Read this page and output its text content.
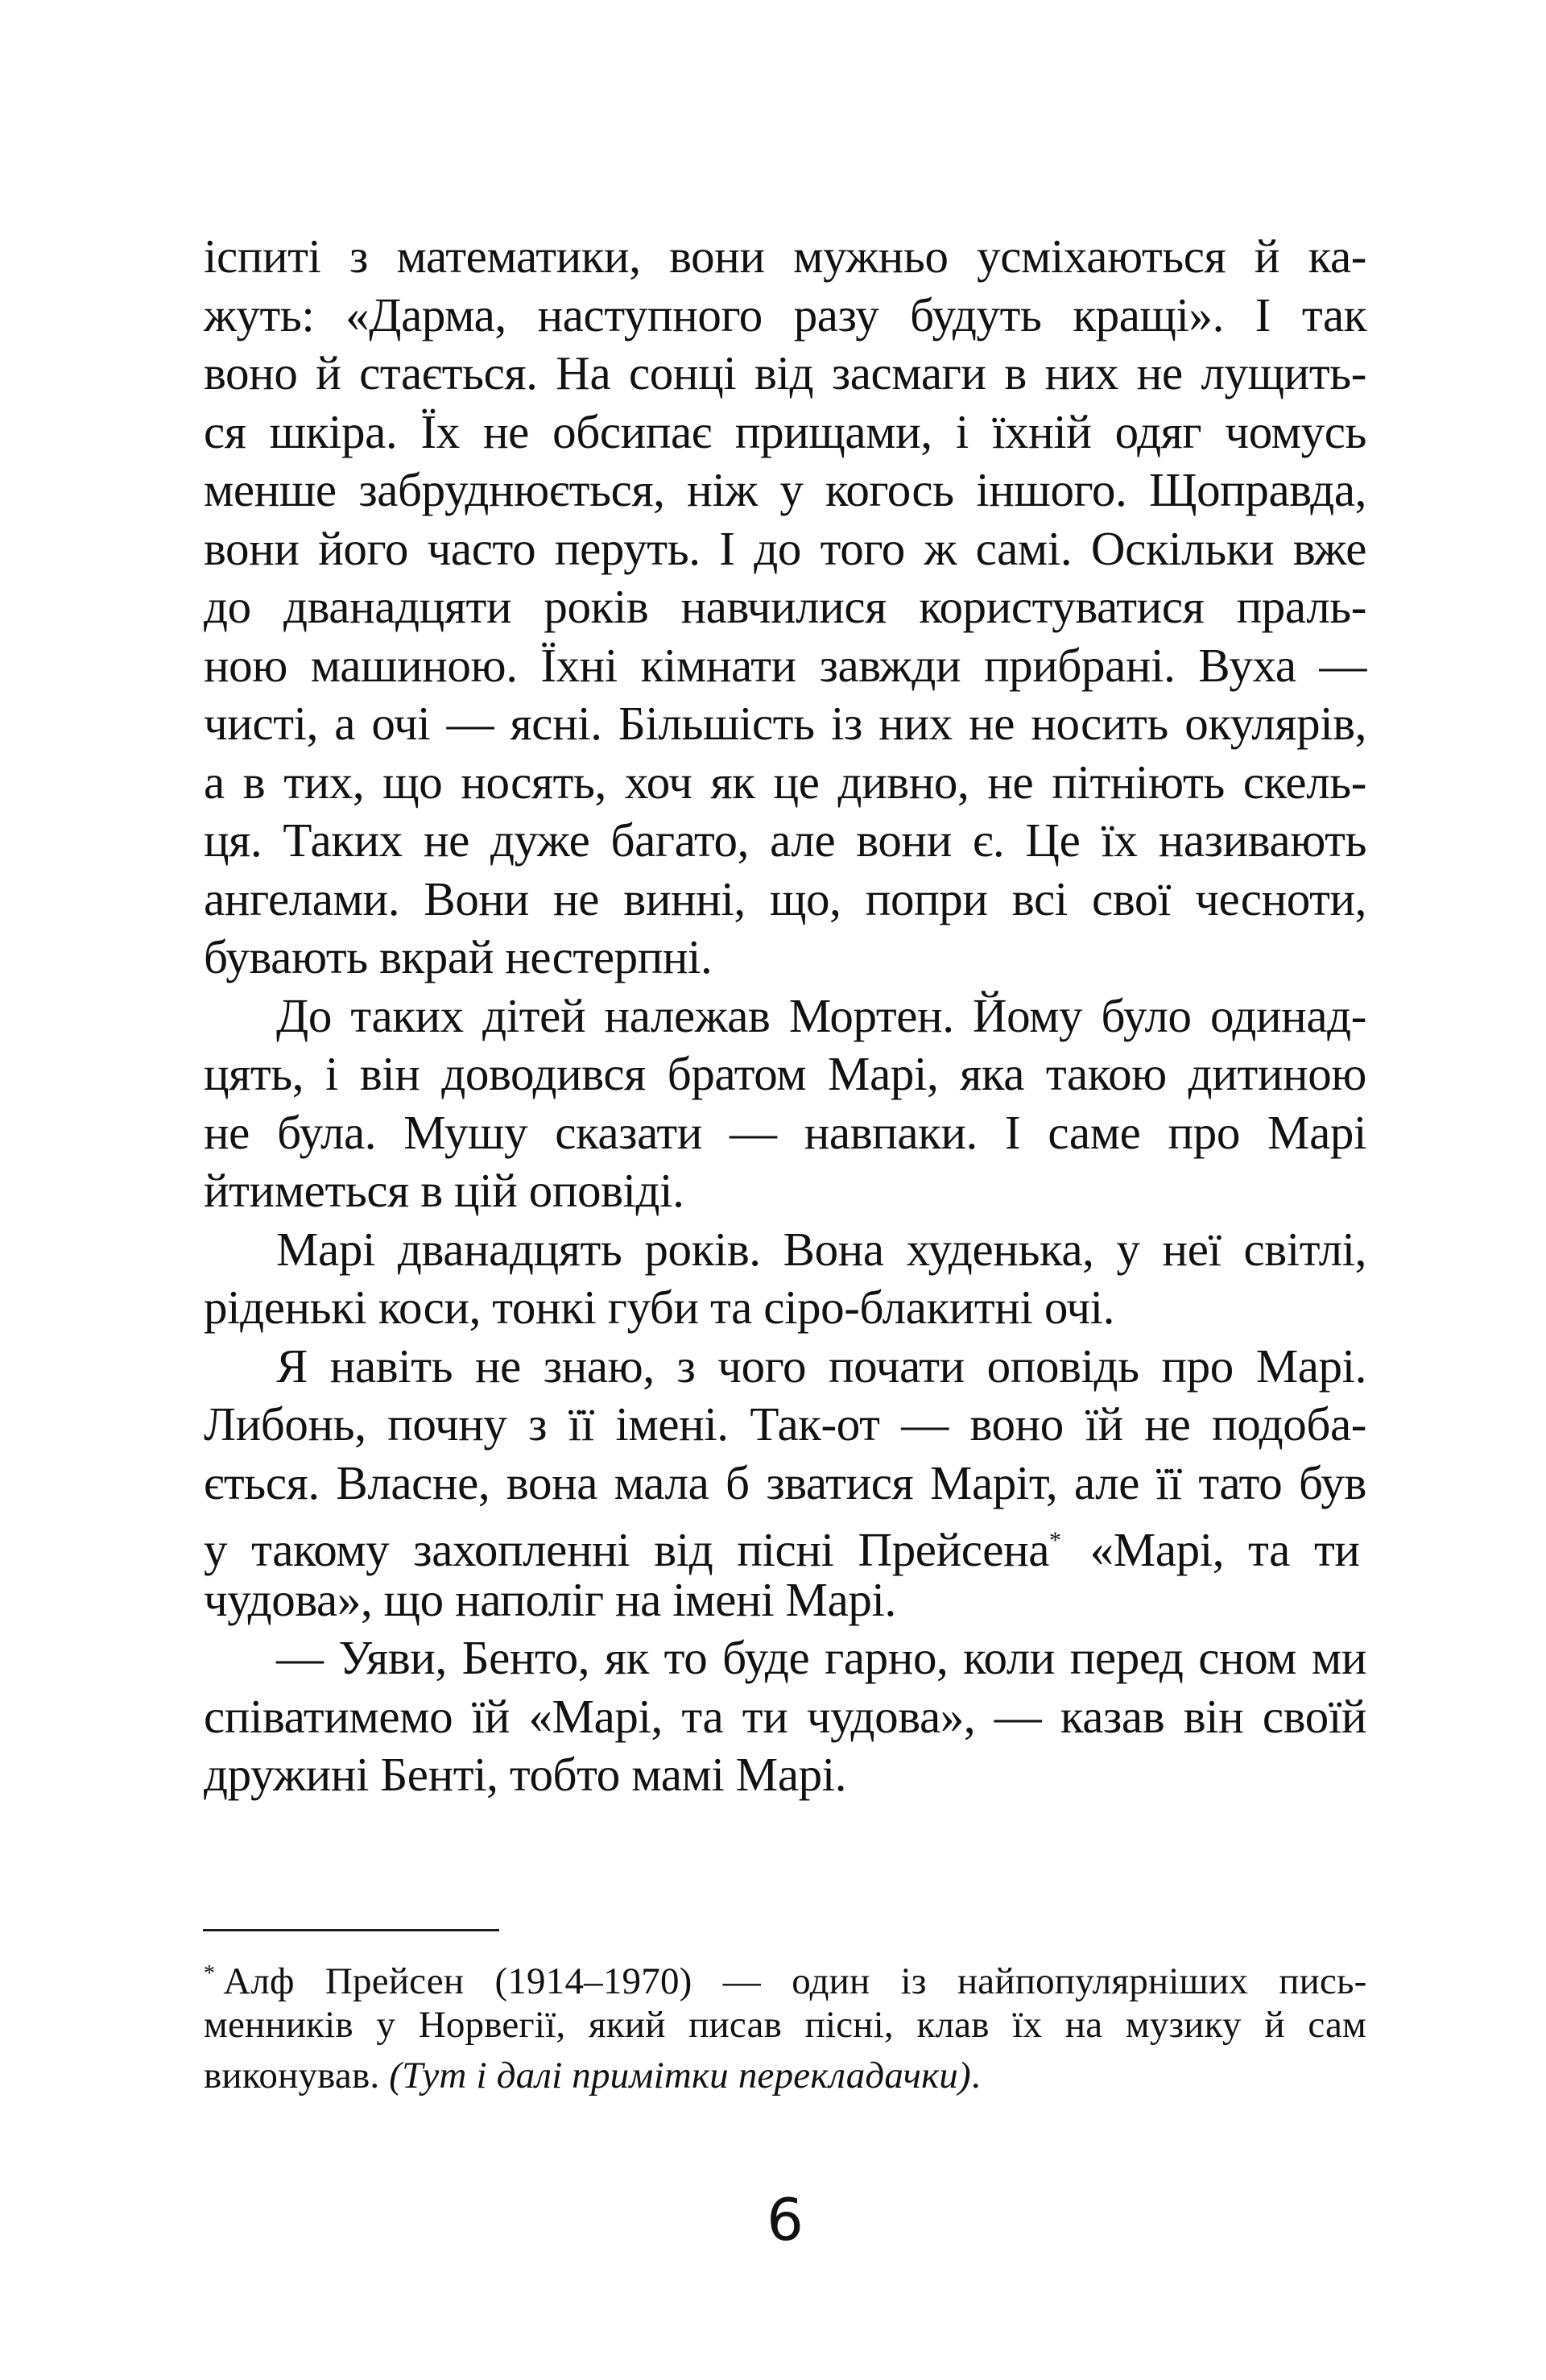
іспиті з математики, вони мужньо усміхаються й ка-
жуть: «Дарма, наступного разу будуть кращі». І так
воно й стається. На сонці від засмаги в них не лущить-
ся шкіра. Їх не обсипає прищами, і їхній одяг чомусь
менше забруднюється, ніж у когось іншого. Щоправда,
вони його часто перуть. І до того ж самі. Оскільки вже
до дванадцяти років навчилися користуватися праль-
ною машиною. Їхні кімнати завжди прибрані. Вуха —
чисті, а очі — ясні. Більшість із них не носить окулярів,
а в тих, що носять, хоч як це дивно, не пітніють скель-
ця. Таких не дуже багато, але вони є. Це їх називають
ангелами. Вони не винні, що, попри всі свої чесноти,
бувають вкрай нестерпні.
До таких дітей належав Мортен. Йому було одинад-
цять, і він доводився братом Марі, яка такою дитиною
не була. Мушу сказати — навпаки. І саме про Марі
йтиметься в цій оповіді.
Марі дванадцять років. Вона худенька, у неї світлі,
ріденькі коси, тонкі губи та сіро-блакитні очі.
Я навіть не знаю, з чого почати оповідь про Марі.
Либонь, почну з її імені. Так-от — воно їй не подоба-
ється. Власне, вона мала б зватися Маріт, але її тато був
у такому захопленні від пісні Прейсена* «Марі, та ти
чудова», що наполіг на імені Марі.
— Уяви, Бенто, як то буде гарно, коли перед сном ми
співатимемо їй «Марі, та ти чудова», — казав він своїй
дружині Бенті, тобто мамі Марі.
* Алф Прейсен (1914–1970) — один із найпопулярніших пись-
менників у Норвегії, який писав пісні, клав їх на музику й сам
виконував. (Тут і далі примітки перекладачки).
6
